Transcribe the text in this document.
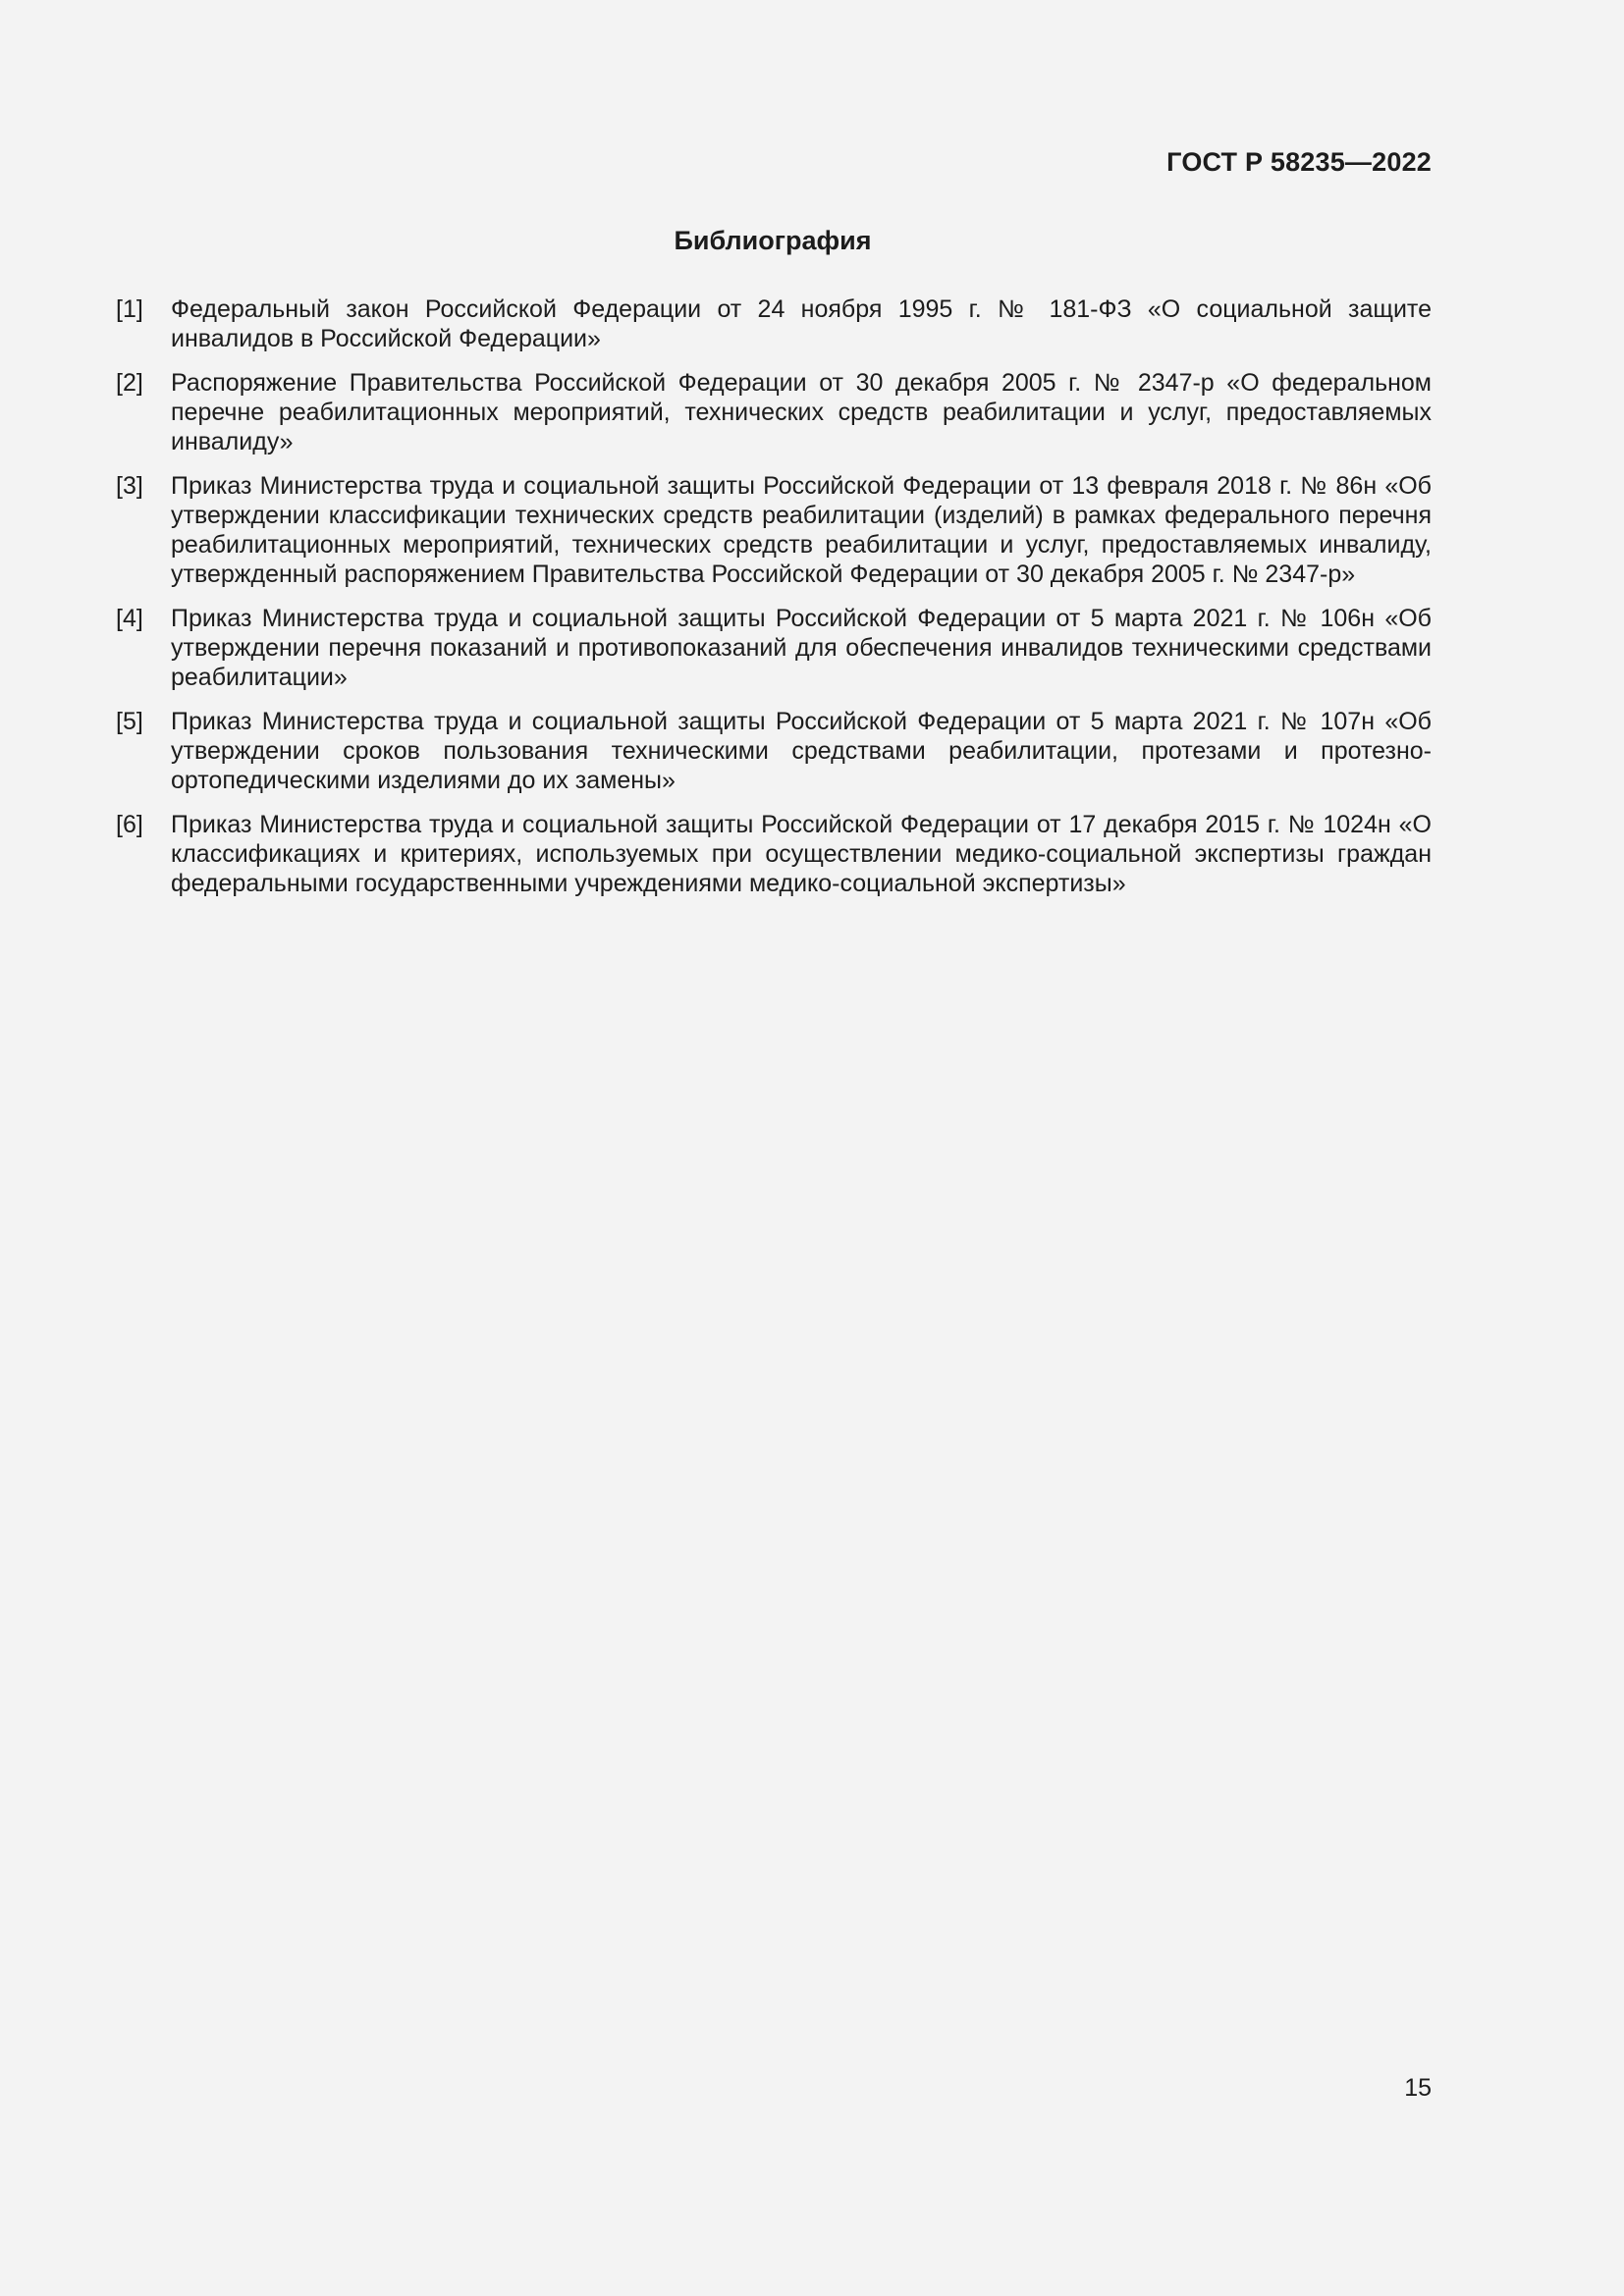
ГОСТ Р 58235—2022
Библиография
[1]	Федеральный закон Российской Федерации от 24 ноября 1995 г. № 181-ФЗ «О социальной защите инвалидов в Российской Федерации»
[2]	Распоряжение Правительства Российской Федерации от 30 декабря 2005 г. № 2347-р «О федеральном перечне реабилитационных мероприятий, технических средств реабилитации и услуг, предоставляемых инвалиду»
[3]	Приказ Министерства труда и социальной защиты Российской Федерации от 13 февраля 2018 г. № 86н «Об утверждении классификации технических средств реабилитации (изделий) в рамках федерального перечня реабилитационных мероприятий, технических средств реабилитации и услуг, предоставляемых инвалиду, утвержденный распоряжением Правительства Российской Федерации от 30 декабря 2005 г. № 2347-р»
[4]	Приказ Министерства труда и социальной защиты Российской Федерации от 5 марта 2021 г. № 106н «Об утверждении перечня показаний и противопоказаний для обеспечения инвалидов техническими средствами реабилитации»
[5]	Приказ Министерства труда и социальной защиты Российской Федерации от 5 марта 2021 г. № 107н «Об утверждении сроков пользования техническими средствами реабилитации, протезами и протезно-ортопедическими изделиями до их замены»
[6]	Приказ Министерства труда и социальной защиты Российской Федерации от 17 декабря 2015 г. № 1024н «О классификациях и критериях, используемых при осуществлении медико-социальной экспертизы граждан федеральными государственными учреждениями медико-социальной экспертизы»
15
